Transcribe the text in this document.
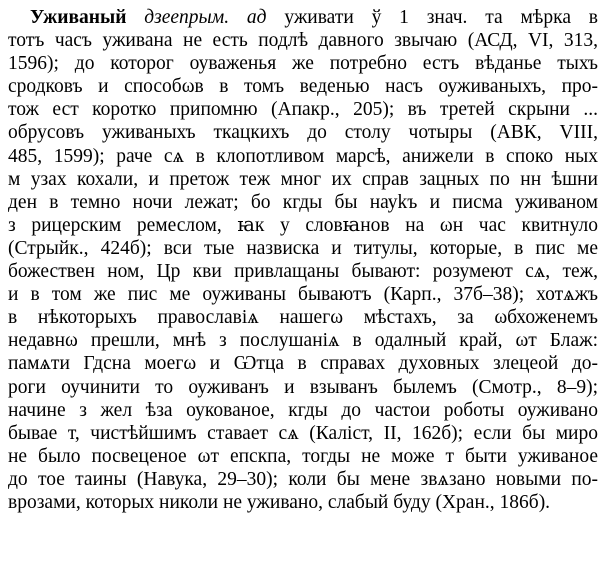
Уживаный дзеeпрым. ад уживати ў 1 знач. та мѣрка в
тотъ часъ уживана не есть подлѣ давного звычаю (АСД, VI, 313,
1596); до которог оуваженья же потребно естъ вѣданье тыхъ
сродковъ и способωв в томъ веденью насъ оуживаныхъ, про-
тож ест коротко припомню (Апакр., 205); въ третей скрыни ...
обрусовъ уживаныхъ ткацкихъ до столу чотыры (АВК, VIII,
485, 1599); раче сѧ в клопотливом марсѣ, анижели в споко ных
м узах кохали, и претож теж мног их справ зацных по нн ѣшни
ден в темно ночи лежат; бо кгды бы науkъ и писма уживаном
з рицерским ремеслом, ꙗк у словꙗнов на ωн час квитнуло
(Стрыйк., 424б); вси тые назвиска и титулы, которые, в пис ме
божествен ном, Цр кви привлащаны бывают: розумеют сѧ, теж,
и в том же пис ме оуживаны бываютъ (Карп., 37б–38); хотѧжъ
в нѣкоторыхъ православіѧ нашегω мѣстахъ, за ωбхоженемъ
недавнω прешли, мнѣ з послушаніѧ в одалный край, ωт Блаж:
памѧти Гдсна моегω и Ѡтца в справах духовных злецеой до-
роги оучинити то оуживанъ и взыванъ былемъ (Смотр., 8–9);
начине з жел ѣза оукованое, кгды до частои роботы оуживано
бывае т, чистѣйшимъ ставает сѧ (Каліст, II, 162б); если бы миро
не было посвеценое ωт епскпа, тогды не може т быти уживаное
до тое таины (Навука, 29–30); коли бы мене звѧзано новыми по-
врозами, которых николи не уживано, слабый буду (Хран., 186б).
